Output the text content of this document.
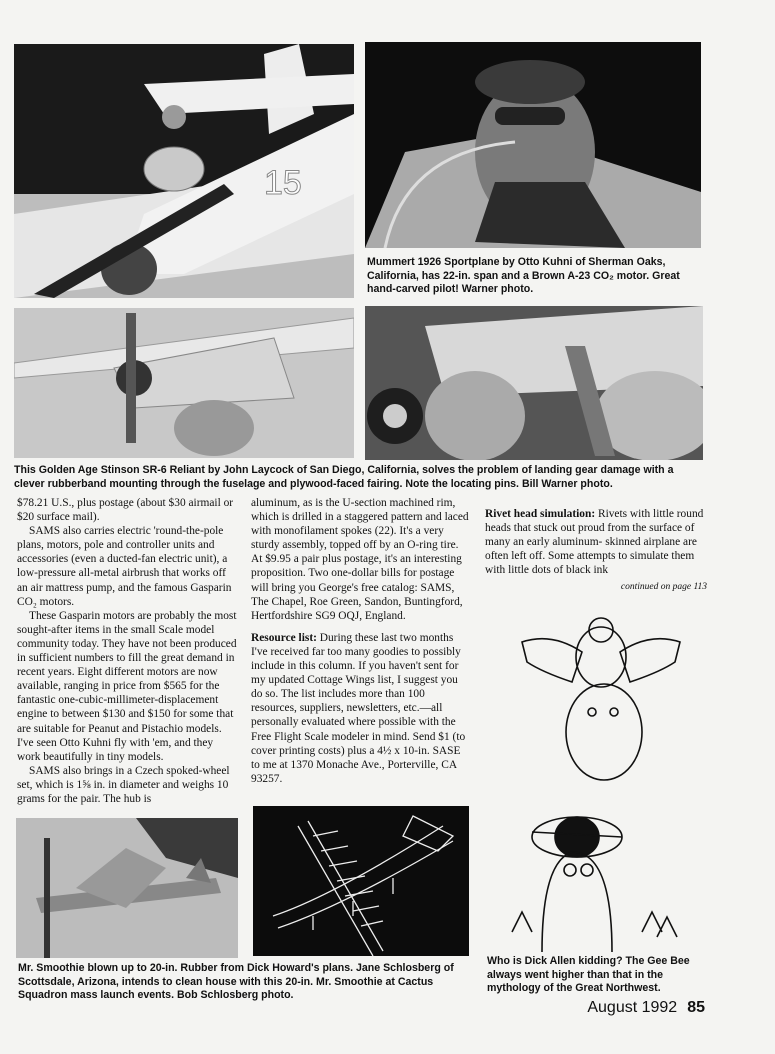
15
Mummert 1926 Sportplane by Otto Kuhni of Sherman Oaks,
California, has 22-in. span and a Brown A-23 CO₂ motor. Great
hand-carved pilot! Warner photo.
This Golden Age Stinson SR-6 Reliant by John Laycock of San Diego, California, solves the problem of landing gear damage with a
clever rubberband mounting through the fuselage and plywood-faced fairing. Note the locating pins. Bill Warner photo.

$78.21 U.S., plus postage (about $30 airmail or $20 surface mail).

SAMS also carries electric 'round-the-pole plans, motors, pole and controller units and accessories (even a ducted-fan electric unit), a low-pressure all-metal airbrush that works off an air mattress pump, and the famous Gasparin CO₂ motors.

These Gasparin motors are probably the most sought-after items in the small Scale model community today. They have not been produced in sufficient numbers to fill the great demand in recent years. Eight different motors are now available, ranging in price from $565 for the fantastic one-cubic-millimeter-displacement engine to between $130 and $150 for some that are suitable for Peanut and Pistachio models. I've seen Otto Kuhni fly with 'em, and they work beautifully in tiny models.

SAMS also brings in a Czech spoked-wheel set, which is 1⅝ in. in diameter and weighs 10 grams for the pair. The hub is

aluminum, as is the U-section machined rim, which is drilled in a staggered pattern and laced with monofilament spokes (22). It's a very sturdy assembly, topped off by an O-ring tire. At $9.95 a pair plus postage, it's an interesting proposition. Two one-dollar bills for postage will bring you George's free catalog: SAMS, The Chapel, Roe Green, Sandon, Buntingford, Hertfordshire SG9 OQJ, England.

Resource list: During these last two months I've received far too many goodies to possibly include in this column. If you haven't sent for my updated Cottage Wings list, I suggest you do so. The list includes more than 100 resources, suppliers, newsletters, etc.—all personally evaluated where possible with the Free Flight Scale modeler in mind. Send $1 (to cover printing costs) plus a 4½ x 10-in. SASE to me at 1370 Monache Ave., Porterville, CA 93257.

Rivet head simulation: Rivets with little round heads that stuck out proud from the surface of many an early aluminum- skinned airplane are often left off. Some attempts to simulate them with little dots of black ink

continued on page 113
Mr. Smoothie blown up to 20-in. Rubber from Dick Howard's plans. Jane Schlosberg of
Scottsdale, Arizona, intends to clean house with this 20-in. Mr. Smoothie at Cactus
Squadron mass launch events. Bob Schlosberg photo.
Who is Dick Allen kidding? The Gee Bee
always went higher than that in the
mythology of the Great Northwest.
August 1992 85
